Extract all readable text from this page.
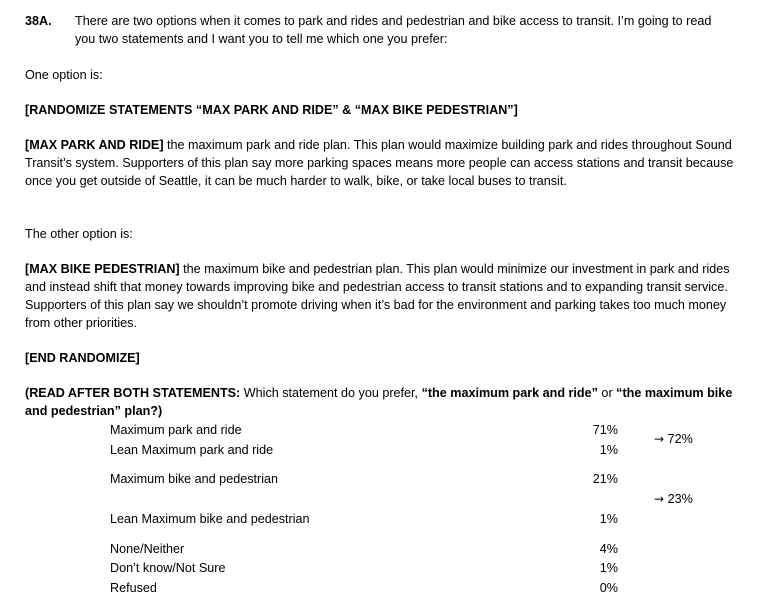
38A. There are two options when it comes to park and rides and pedestrian and bike access to transit. I’m going to read you two statements and I want you to tell me which one you prefer:
One option is:
[RANDOMIZE STATEMENTS “MAX PARK AND RIDE” & “MAX BIKE PEDESTRIAN”]
[MAX PARK AND RIDE] the maximum park and ride plan. This plan would maximize building park and rides throughout Sound Transit’s system. Supporters of this plan say more parking spaces means more people can access stations and transit because once you get outside of Seattle, it can be much harder to walk, bike, or take local buses to transit.
The other option is:
[MAX BIKE PEDESTRIAN] the maximum bike and pedestrian plan. This plan would minimize our investment in park and rides and instead shift that money towards improving bike and pedestrian access to transit stations and to expanding transit service. Supporters of this plan say we shouldn’t promote driving when it’s bad for the environment and parking takes too much money from other priorities.
[END RANDOMIZE]
(READ AFTER BOTH STATEMENTS: Which statement do you prefer, “the maximum park and ride” or “the maximum bike and pedestrian” plan?)
Maximum park and ride	71%
Lean Maximum park and ride	1%
Maximum bike and pedestrian	21%
Lean Maximum bike and pedestrian	1%
None/Neither	4%
Don’t know/Not Sure	1%
Refused	0%
→ 72%
→ 23%
